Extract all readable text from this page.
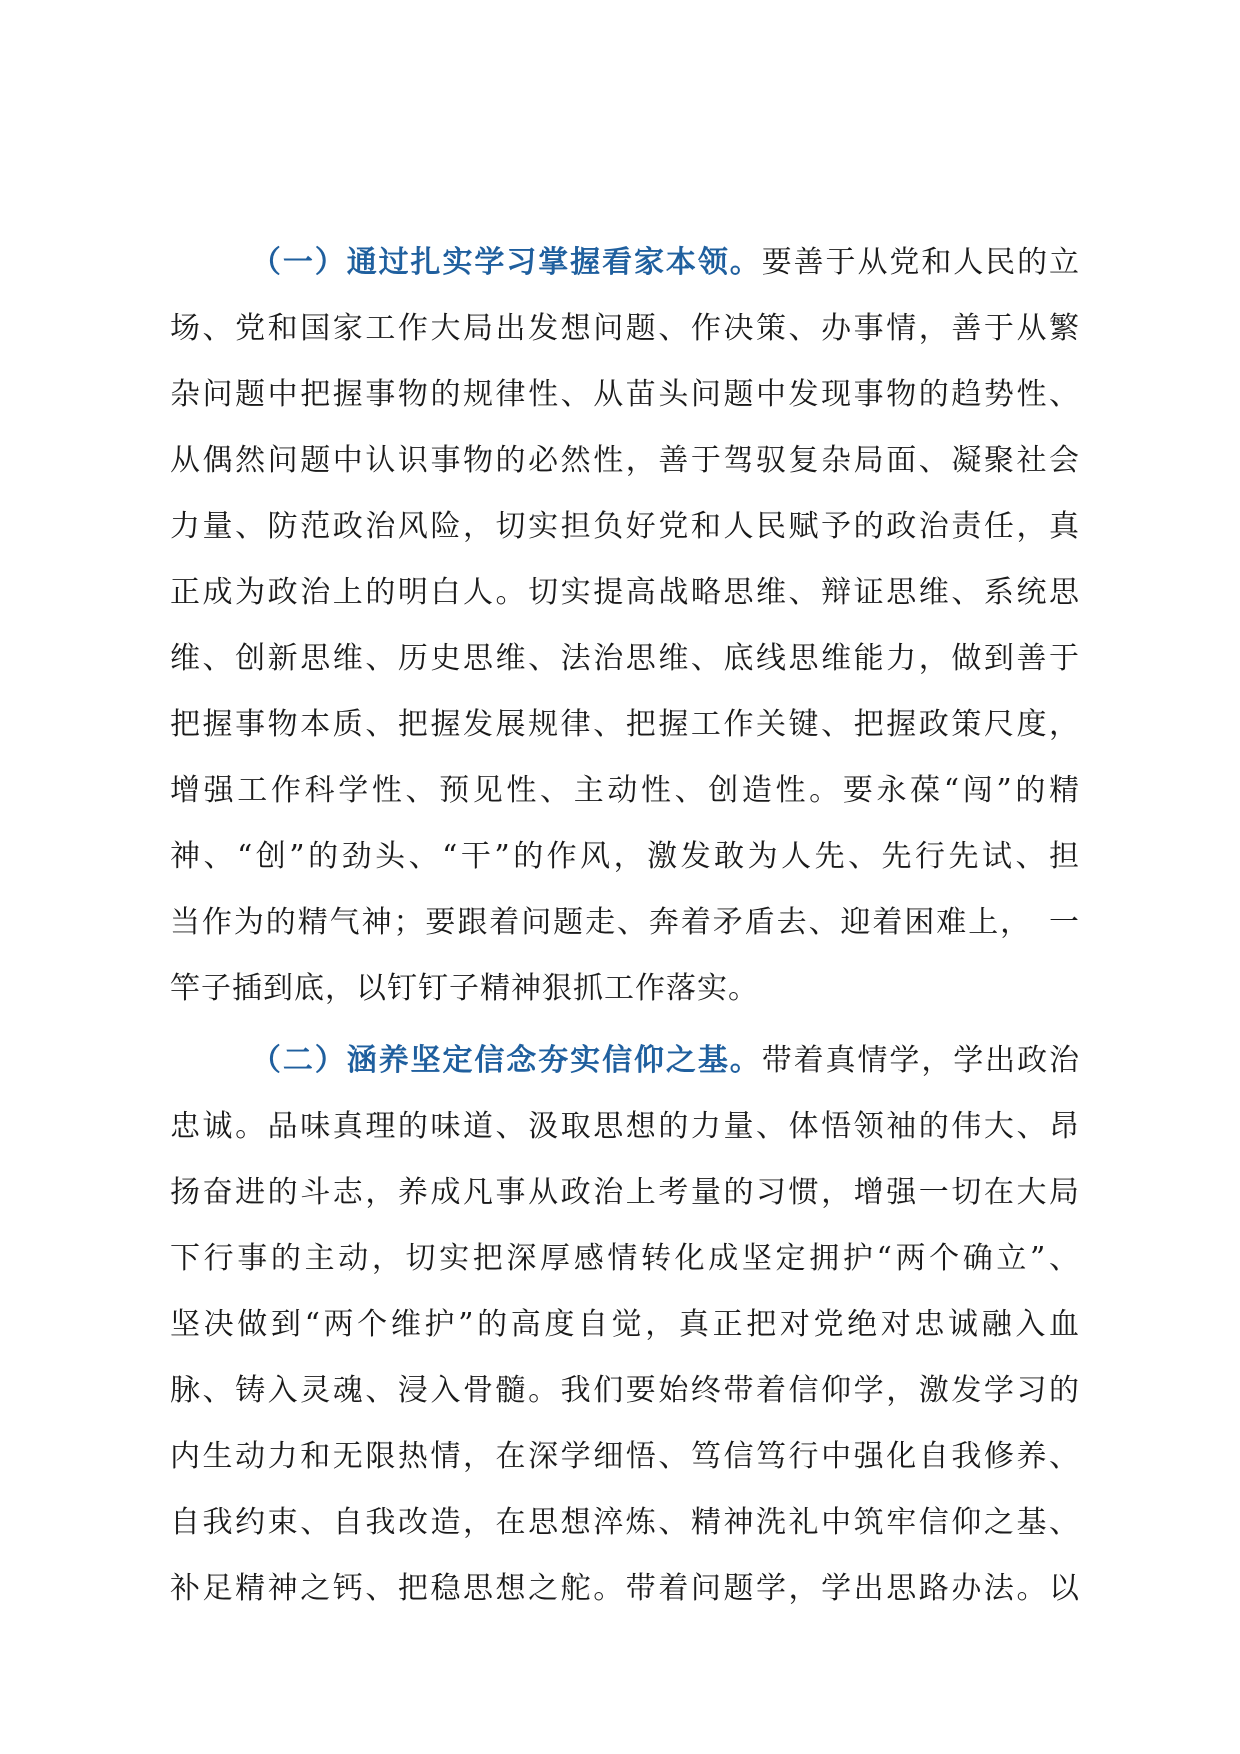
（一）通过扎实学习掌握看家本领。要善于从党和人民的立
场、党和国家工作大局出发想问题、作决策、办事情，善于从繁
杂问题中把握事物的规律性、从苗头问题中发现事物的趋势性、
从偶然问题中认识事物的必然性，善于驾驭复杂局面、凝聚社会
力量、防范政治风险，切实担负好党和人民赋予的政治责任，真
正成为政治上的明白人。切实提高战略思维、辩证思维、系统思
维、创新思维、历史思维、法治思维、底线思维能力，做到善于
把握事物本质、把握发展规律、把握工作关键、把握政策尺度，
增强工作科学性、预见性、主动性、创造性。要永葆“闯”的精
神、“创”的劲头、“干”的作风，激发敢为人先、先行先试、担
当作为的精气神；要跟着问题走、奔着矛盾去、迎着困难上，　一
竿子插到底，以钉钉子精神狠抓工作落实。

（二）涵养坚定信念夯实信仰之基。带着真情学，学出政治
忠诚。品味真理的味道、汲取思想的力量、体悟领袖的伟大、昂
扬奋进的斗志，养成凡事从政治上考量的习惯，增强一切在大局
下行事的主动，切实把深厚感情转化成坚定拥护“两个确立”、
坚决做到“两个维护”的高度自觉，真正把对党绝对忠诚融入血
脉、铸入灵魂、浸入骨髓。我们要始终带着信仰学，激发学习的
内生动力和无限热情，在深学细悟、笃信笃行中强化自我修养、
自我约束、自我改造，在思想淬炼、精神洗礼中筑牢信仰之基、
补足精神之钙、把稳思想之舵。带着问题学，学出思路办法。以
